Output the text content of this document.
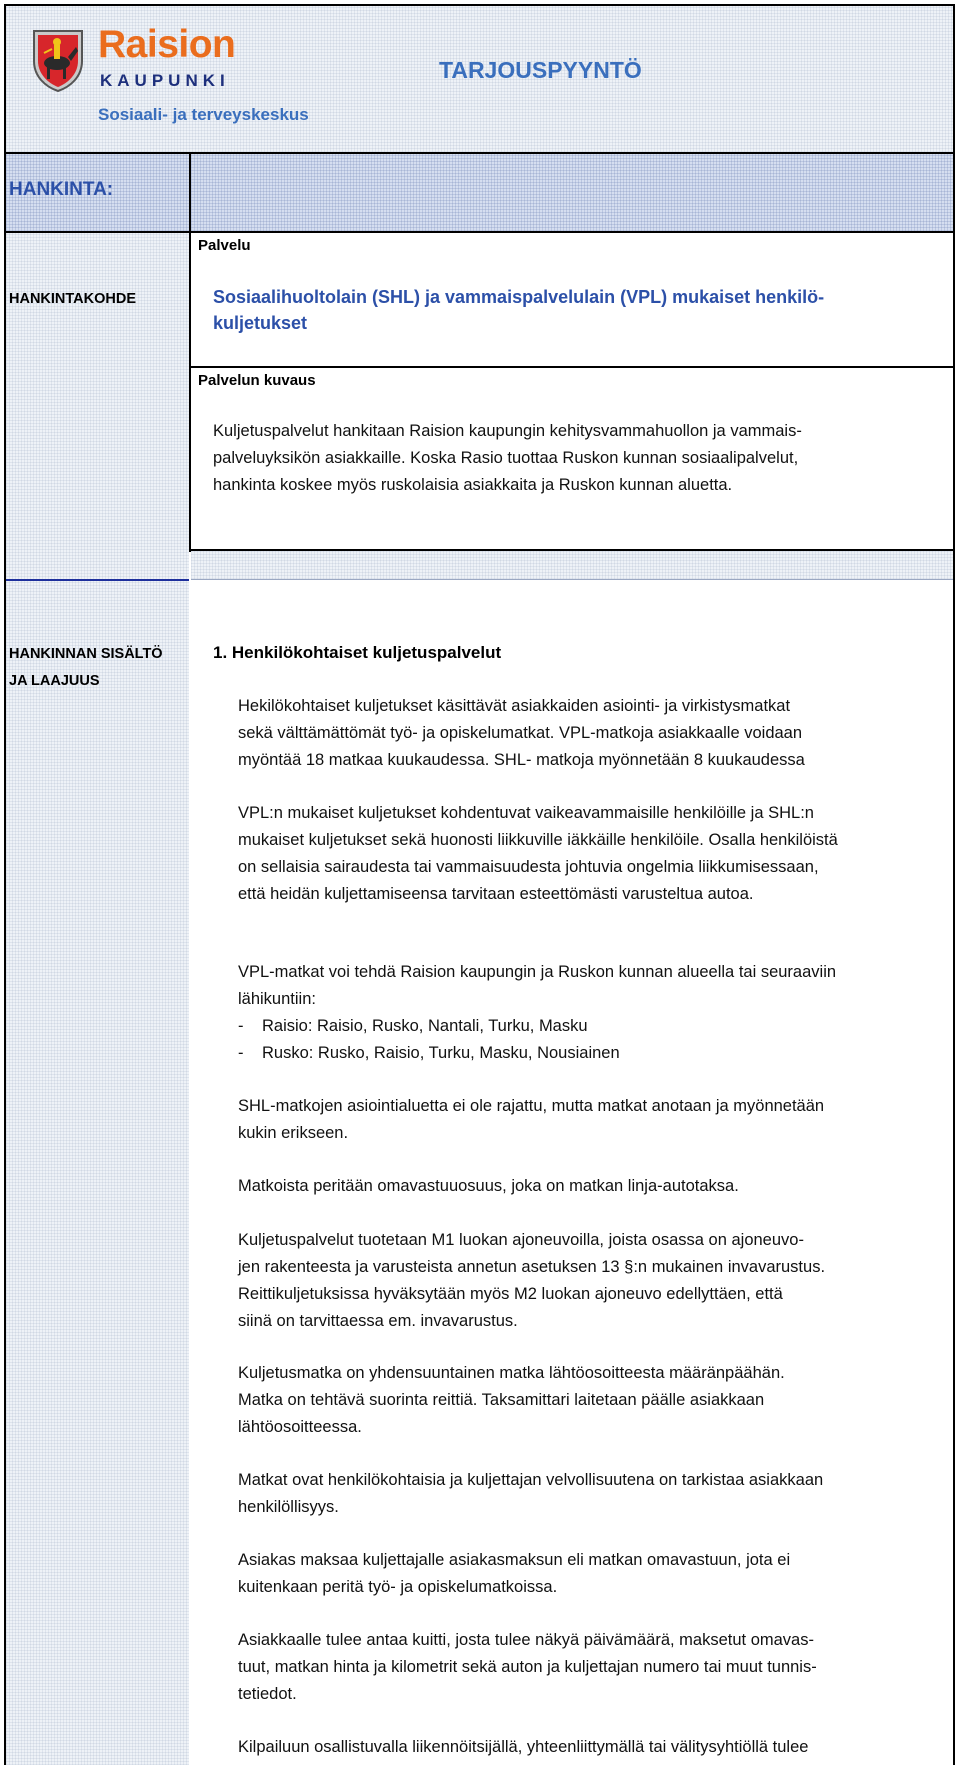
Raision
KAUPUNKI
Sosiaali- ja terveyskeskus
TARJOUSPYYNTÖ
HANKINTA:
Palvelu
HANKINTAKOHDE	Sosiaalihuoltolain (SHL) ja vammaispalvelulain (VPL) mukaiset henkilö-
kuljetukset
Palvelun kuvaus
Kuljetuspalvelut hankitaan Raision kaupungin kehitysvammahuollon ja vammais-
palveluyksikön asiakkaille. Koska Rasio tuottaa Ruskon kunnan sosiaalipalvelut,
hankinta koskee myös ruskolaisia asiakkaita ja Ruskon kunnan aluetta.
HANKINNAN SISÄLTÖ
JA LAAJUUS
1. Henkilökohtaiset kuljetuspalvelut
Hekilökohtaiset kuljetukset käsittävät asiakkaiden asiointi- ja virkistysmatkat
sekä välttämättömät työ- ja opiskelumatkat. VPL-matkoja asiakkaalle voidaan
myöntää 18 matkaa kuukaudessa. SHL- matkoja myönnetään 8 kuukaudessa
VPL:n mukaiset kuljetukset kohdentuvat vaikeavammaisille henkilöille ja SHL:n
mukaiset kuljetukset sekä huonosti liikkuville iäkkäille henkilöile. Osalla henkilöistä
on sellaisia sairaudesta tai vammaisuudesta johtuvia ongelmia liikkumisessaan,
että heidän kuljettamiseensa tarvitaan esteettömästi varusteltua autoa.
VPL-matkat voi tehdä Raision kaupungin ja Ruskon kunnan alueella tai seuraaviin
lähikuntiin:
- Raisio: Raisio, Rusko, Nantali, Turku, Masku
- Rusko: Rusko, Raisio, Turku, Masku, Nousiainen
SHL-matkojen asiointialuetta ei ole rajattu, mutta matkat anotaan ja myönnetään
kukin erikseen.
Matkoista peritään omavastuuosuus, joka on matkan linja-autotaksa.
Kuljetuspalvelut tuotetaan M1 luokan ajoneuvoilla, joista osassa on ajoneuvo-
jen rakenteesta ja varusteista annetun asetuksen 13 §:n mukainen invavarustus.
Reittikuljetuksissa hyväksytään myös M2 luokan ajoneuvo edellyttäen, että
siinä on tarvittaessa em. invavarustus.
Kuljetusmatka on yhdensuuntainen matka lähtöosoitteesta määränpäähän.
Matka on tehtävä suorinta reittiä. Taksamittari laitetaan päälle asiakkaan
lähtöosoitteessa.
Matkat ovat henkilökohtaisia ja kuljettajan velvollisuutena on tarkistaa asiakkaan
henkilöllisyys.
Asiakas maksaa kuljettajalle asiakasmaksun eli matkan omavastuun, jota ei
kuitenkaan peritä työ- ja opiskelumatkoissa.
Asiakkaalle tulee antaa kuitti, josta tulee näkyä päivämäärä, maksetut omavas-
tuut, matkan hinta ja kilometrit sekä auton ja kuljettajan numero tai muut tunnis-
tetiedot.
Kilpailuun osallistuvalla liikennöitsijällä, yhteenliittymällä tai välitysyhtiöllä tulee
